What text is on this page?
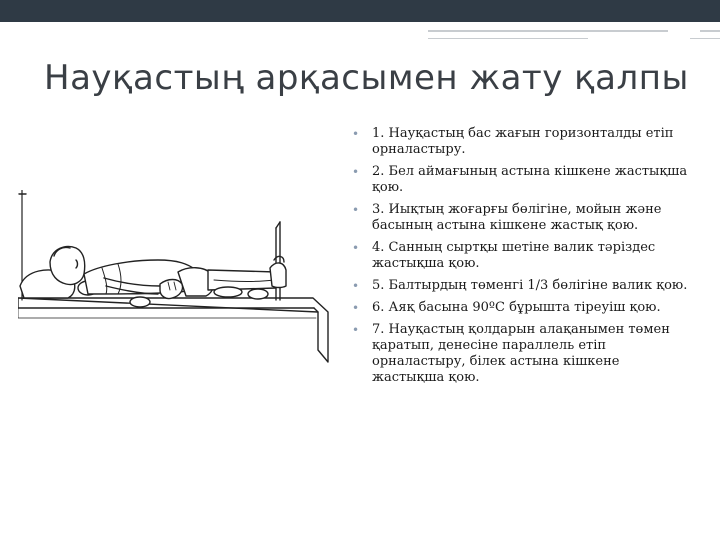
Науқастың арқасымен жату қалпы
• 1. Науқастың бас жағын горизонталды етіп орналастыру.
• 2. Бел аймағының астына кішкене жастықша қою.
• 3. Иықтың жоғарғы бөлігіне, мойын және басының астына кішкене жастық қою.
• 4. Санның сыртқы шетіне валик тәріздес жастықша қою.
• 5. Балтырдың төменгі 1/3 бөлігіне валик қою.
• 6. Аяқ басына 90ºС бұрышта тіреуіш қою.
• 7. Науқастың қолдарын алақанымен төмен қаратып, денесіне параллель етіп орналастыру, білек астына кішкене жастықша қою.
